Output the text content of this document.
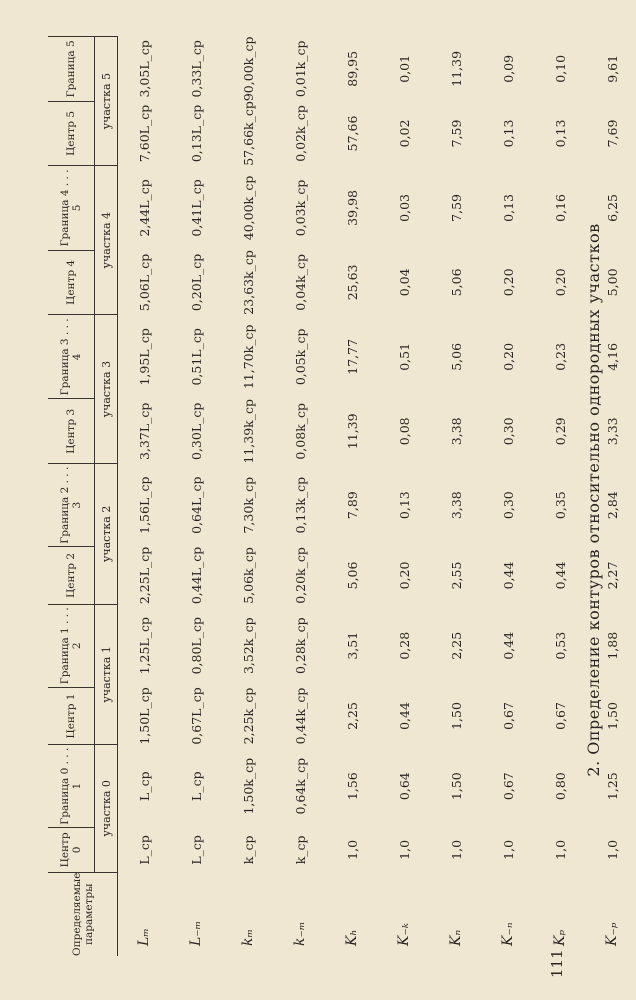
2. Определение контуров относительно однородных участков
111
Определяемые параметры	Центр 0	Граница 0 . . . 1	Центр 1	Граница 1 . . . 2	Центр 2	Граница 2 . . . 3	Центр 3	Граница 3 . . . 4	Центр 4	Граница 4 . . . 5	Центр 5	Граница 5
	участка 0		участка 1		участка 2		участка 3		участка 4		участка 5	
Lₘ	L_cp	L_cp	1,50L_cp	1,25L_cp	2,25L_cp	1,56L_cp	3,37L_cp	1,95L_cp	5,06L_cp	2,44L_cp	7,60L_cp	3,05L_cp
L₋ₘ	L_cp	L_cp	0,67L_cp	0,80L_cp	0,44L_cp	0,64L_cp	0,30L_cp	0,51L_cp	0,20L_cp	0,41L_cp	0,13L_cp	0,33L_cp
kₘ	k_cp	1,50k_cp	2,25k_cp	3,52k_cp	5,06k_cp	7,30k_cp	11,39k_cp	11,70k_cp	23,63k_cp	40,00k_cp	57,66k_cp	90,00k_cp
k₋ₘ	k_cp	0,64k_cp	0,44k_cp	0,28k_cp	0,20k_cp	0,13k_cp	0,08k_cp	0,05k_cp	0,04k_cp	0,03k_cp	0,02k_cp	0,01k_cp
Kₕ	1,0	1,56	2,25	3,51	5,06	7,89	11,39	17,77	25,63	39,98	57,66	89,95
K₋ₖ	1,0	0,64	0,44	0,28	0,20	0,13	0,08	0,51	0,04	0,03	0,02	0,01
Kₙ	1,0	1,50	1,50	2,25	2,55	3,38	3,38	5,06	5,06	7,59	7,59	11,39
K₋ₙ	1,0	0,67	0,67	0,44	0,44	0,30	0,30	0,20	0,20	0,13	0,13	0,09
Kₚ	1,0	0,80	0,67	0,53	0,44	0,35	0,29	0,23	0,20	0,16	0,13	0,10
K₋ₚ	1,0	1,25	1,50	1,88	2,27	2,84	3,33	4,16	5,00	6,25	7,69	9,61
